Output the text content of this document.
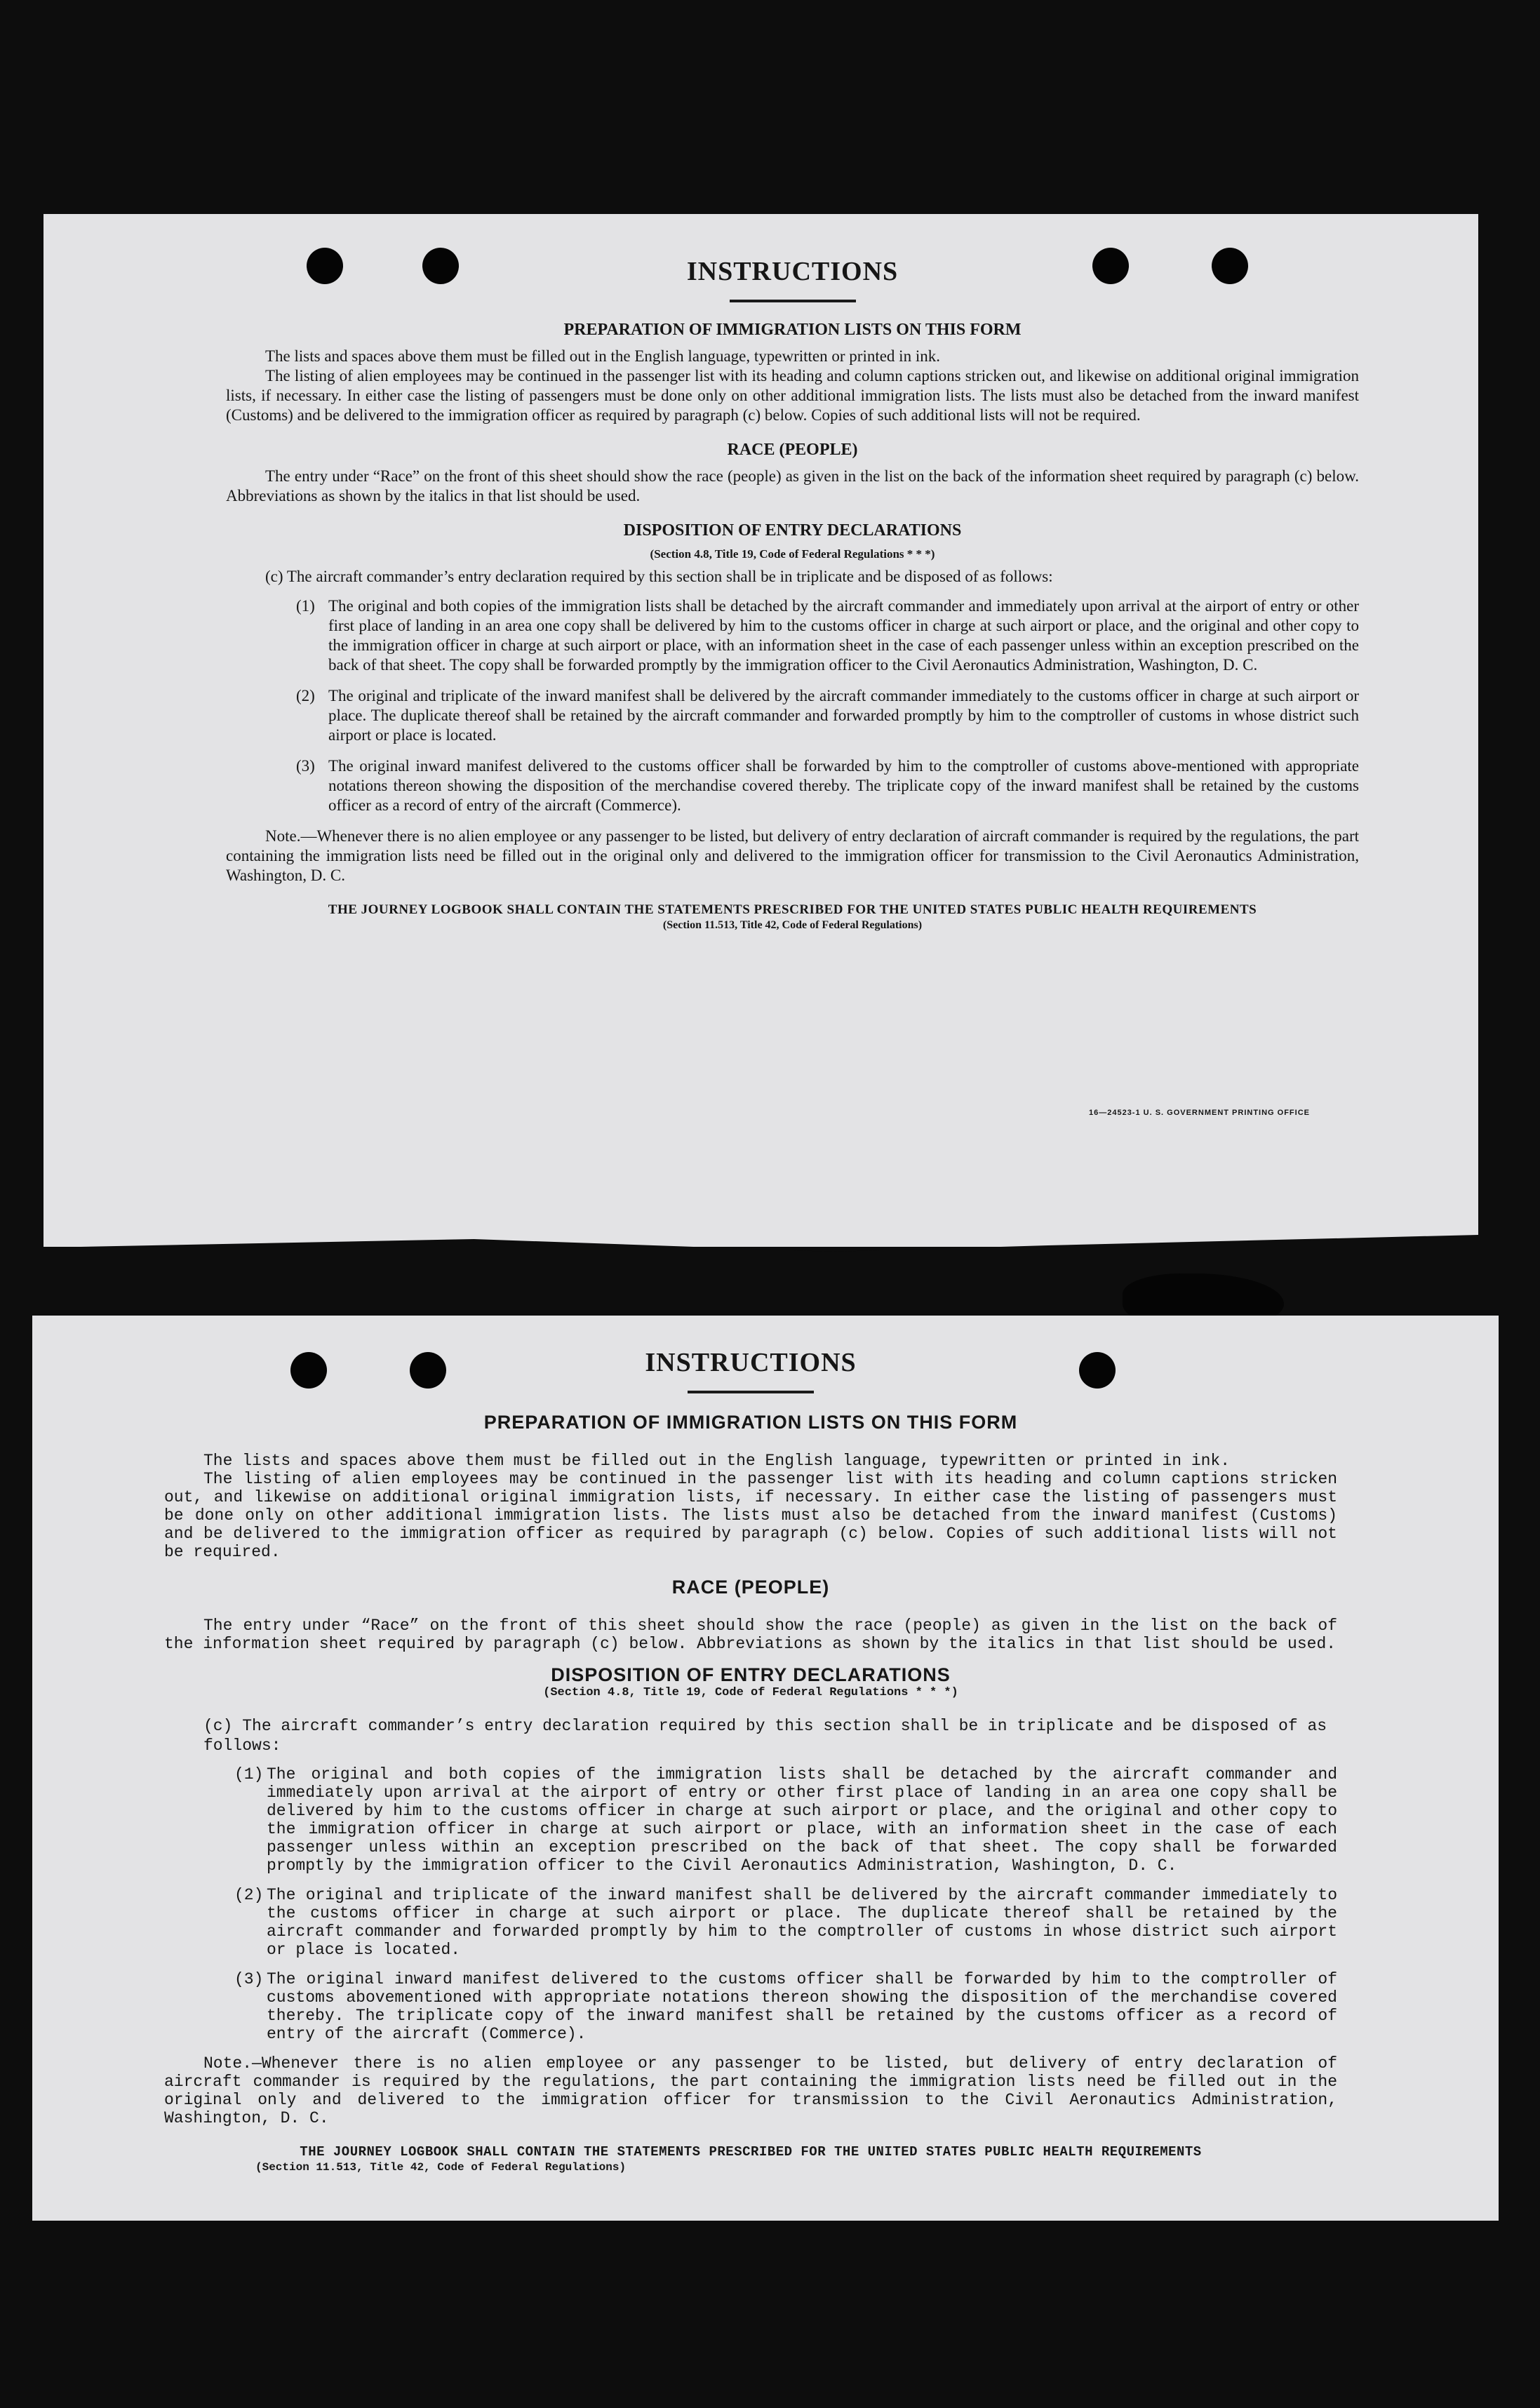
INSTRUCTIONS
PREPARATION OF IMMIGRATION LISTS ON THIS FORM

The lists and spaces above them must be filled out in the English language, typewritten or printed in ink.

The listing of alien employees may be continued in the passenger list with its heading and column captions stricken out, and likewise on additional original immigration lists, if necessary. In either case the listing of passengers must be done only on other additional immigration lists. The lists must also be detached from the inward manifest (Customs) and be delivered to the immigration officer as required by paragraph (c) below. Copies of such additional lists will not be required.

RACE (PEOPLE)

The entry under “Race” on the front of this sheet should show the race (people) as given in the list on the back of the information sheet required by paragraph (c) below. Abbreviations as shown by the italics in that list should be used.

DISPOSITION OF ENTRY DECLARATIONS

(Section 4.8, Title 19, Code of Federal Regulations * * *)

(c) The aircraft commander’s entry declaration required by this section shall be in triplicate and be disposed of as follows:

(1) The original and both copies of the immigration lists shall be detached by the aircraft commander and immediately upon arrival at the airport of entry or other first place of landing in an area one copy shall be delivered by him to the customs officer in charge at such airport or place, and the original and other copy to the immigration officer in charge at such airport or place, with an information sheet in the case of each passenger unless within an exception prescribed on the back of that sheet. The copy shall be forwarded promptly by the immigration officer to the Civil Aeronautics Administration, Washington, D. C.
(2) The original and triplicate of the inward manifest shall be delivered by the aircraft commander immediately to the customs officer in charge at such airport or place. The duplicate thereof shall be retained by the aircraft commander and forwarded promptly by him to the comptroller of customs in whose district such airport or place is located.
(3) The original inward manifest delivered to the customs officer shall be forwarded by him to the comptroller of customs above-mentioned with appropriate notations thereon showing the disposition of the merchandise covered thereby. The triplicate copy of the inward manifest shall be retained by the customs officer as a record of entry of the aircraft (Commerce).

Note.—Whenever there is no alien employee or any passenger to be listed, but delivery of entry declaration of aircraft commander is required by the regulations, the part containing the immigration lists need be filled out in the original only and delivered to the immigration officer for transmission to the Civil Aeronautics Administration, Washington, D. C.

THE JOURNEY LOGBOOK SHALL CONTAIN THE STATEMENTS PRESCRIBED FOR THE UNITED STATES PUBLIC HEALTH REQUIREMENTS

(Section 11.513, Title 42, Code of Federal Regulations)

16—24523-1 U. S. GOVERNMENT PRINTING OFFICE
INSTRUCTIONS
PREPARATION OF IMMIGRATION LISTS ON THIS FORM

The lists and spaces above them must be filled out in the English language, typewritten or printed in ink.

The listing of alien employees may be continued in the passenger list with its heading and column captions stricken out, and likewise on additional original immigration lists, if necessary. In either case the listing of passengers must be done only on other additional immigration lists. The lists must also be detached from the inward manifest (Customs) and be delivered to the immigration officer as required by paragraph (c) below. Copies of such additional lists will not be required.

RACE (PEOPLE)

The entry under “Race” on the front of this sheet should show the race (people) as given in the list on the back of the information sheet required by paragraph (c) below. Abbreviations as shown by the italics in that list should be used.

DISPOSITION OF ENTRY DECLARATIONS

(Section 4.8, Title 19, Code of Federal Regulations * * *)

(c) The aircraft commander’s entry declaration required by this section shall be in triplicate and be disposed of as follows:

(1) The original and both copies of the immigration lists shall be detached by the aircraft commander and immediately upon arrival at the airport of entry or other first place of landing in an area one copy shall be delivered by him to the customs officer in charge at such airport or place, and the original and other copy to the immigration officer in charge at such airport or place, with an information sheet in the case of each passenger unless within an exception prescribed on the back of that sheet. The copy shall be forwarded promptly by the immigration officer to the Civil Aeronautics Administration, Washington, D. C.
(2) The original and triplicate of the inward manifest shall be delivered by the aircraft commander immediately to the customs officer in charge at such airport or place. The duplicate thereof shall be retained by the aircraft commander and forwarded promptly by him to the comptroller of customs in whose district such airport or place is located.
(3) The original inward manifest delivered to the customs officer shall be forwarded by him to the comptroller of customs abovementioned with appropriate notations thereon showing the disposition of the merchandise covered thereby. The triplicate copy of the inward manifest shall be retained by the customs officer as a record of entry of the aircraft (Commerce).

Note.—Whenever there is no alien employee or any passenger to be listed, but delivery of entry declaration of aircraft commander is required by the regulations, the part containing the immigration lists need be filled out in the original only and delivered to the immigration officer for transmission to the Civil Aeronautics Administration, Washington, D. C.

THE JOURNEY LOGBOOK SHALL CONTAIN THE STATEMENTS PRESCRIBED FOR THE UNITED STATES PUBLIC HEALTH REQUIREMENTS

(Section 11.513, Title 42, Code of Federal Regulations)
